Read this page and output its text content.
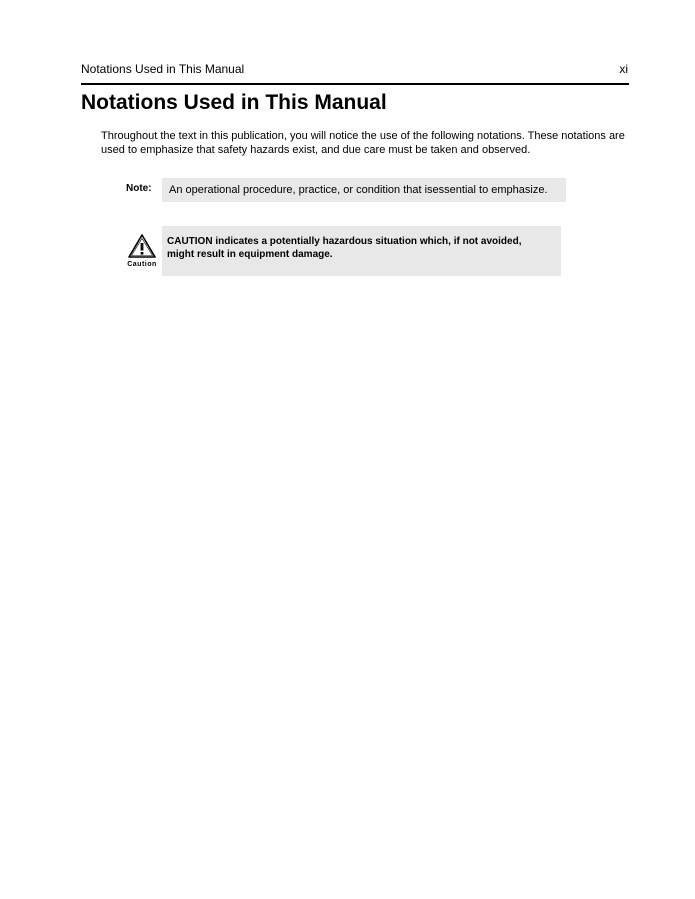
Notations Used in This Manual	xi
Notations Used in This Manual

Throughout the text in this publication, you will notice the use of the following notations. These notations are used to emphasize that safety hazards exist, and due care must be taken and observed.

Note:	An operational procedure, practice, or condition that isessential to emphasize.
Caution
CAUTION indicates a potentially hazardous situation which, if not avoided, might result in equipment damage.
